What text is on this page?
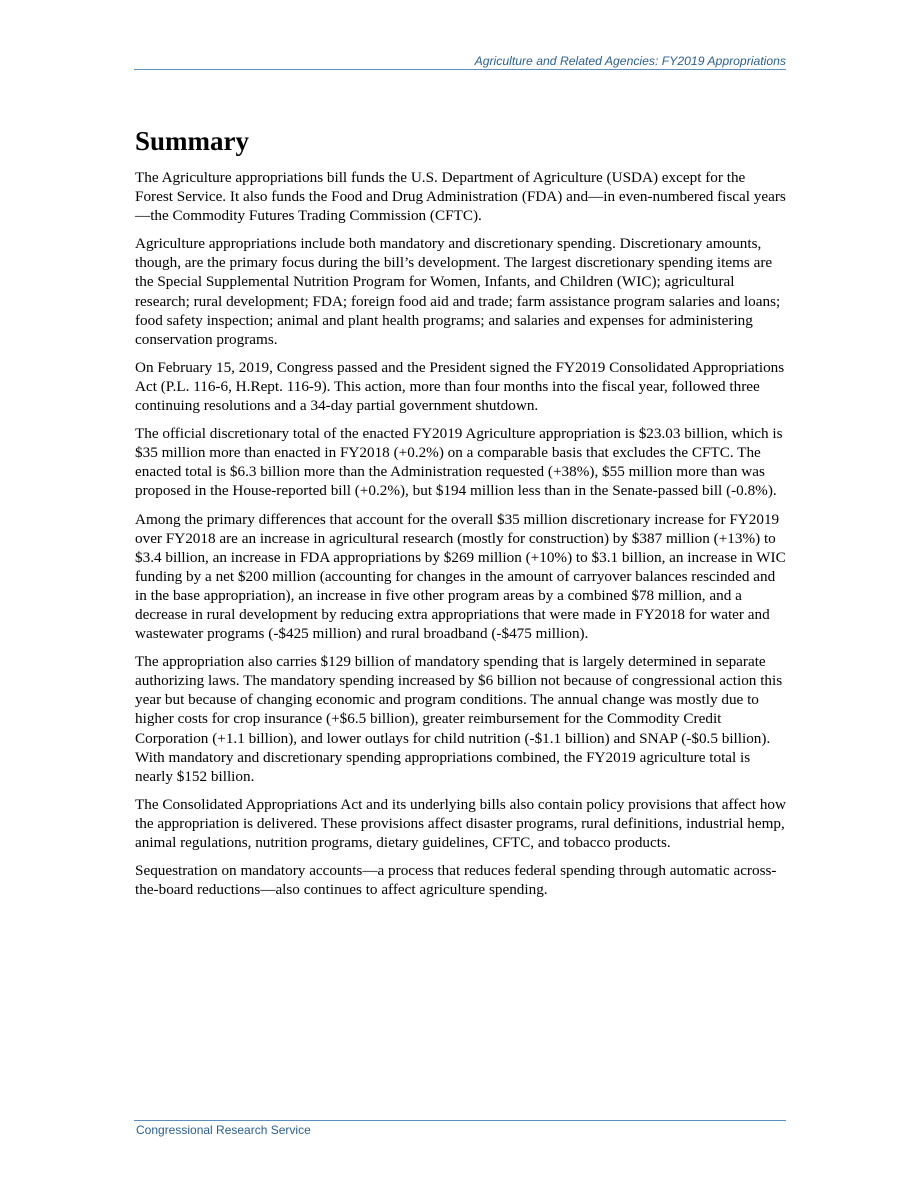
Agriculture and Related Agencies: FY2019 Appropriations
Summary

The Agriculture appropriations bill funds the U.S. Department of Agriculture (USDA) except for the Forest Service. It also funds the Food and Drug Administration (FDA) and—in even-numbered fiscal years—the Commodity Futures Trading Commission (CFTC).

Agriculture appropriations include both mandatory and discretionary spending. Discretionary amounts, though, are the primary focus during the bill’s development. The largest discretionary spending items are the Special Supplemental Nutrition Program for Women, Infants, and Children (WIC); agricultural research; rural development; FDA; foreign food aid and trade; farm assistance program salaries and loans; food safety inspection; animal and plant health programs; and salaries and expenses for administering conservation programs.

On February 15, 2019, Congress passed and the President signed the FY2019 Consolidated Appropriations Act (P.L. 116-6, H.Rept. 116-9). This action, more than four months into the fiscal year, followed three continuing resolutions and a 34-day partial government shutdown.

The official discretionary total of the enacted FY2019 Agriculture appropriation is $23.03 billion, which is $35 million more than enacted in FY2018 (+0.2%) on a comparable basis that excludes the CFTC. The enacted total is $6.3 billion more than the Administration requested (+38%), $55 million more than was proposed in the House-reported bill (+0.2%), but $194 million less than in the Senate-passed bill (-0.8%).

Among the primary differences that account for the overall $35 million discretionary increase for FY2019 over FY2018 are an increase in agricultural research (mostly for construction) by $387 million (+13%) to $3.4 billion, an increase in FDA appropriations by $269 million (+10%) to $3.1 billion, an increase in WIC funding by a net $200 million (accounting for changes in the amount of carryover balances rescinded and in the base appropriation), an increase in five other program areas by a combined $78 million, and a decrease in rural development by reducing extra appropriations that were made in FY2018 for water and wastewater programs (-$425 million) and rural broadband (-$475 million).

The appropriation also carries $129 billion of mandatory spending that is largely determined in separate authorizing laws. The mandatory spending increased by $6 billion not because of congressional action this year but because of changing economic and program conditions. The annual change was mostly due to higher costs for crop insurance (+$6.5 billion), greater reimbursement for the Commodity Credit Corporation (+1.1 billion), and lower outlays for child nutrition (-$1.1 billion) and SNAP (-$0.5 billion). With mandatory and discretionary spending appropriations combined, the FY2019 agriculture total is nearly $152 billion.

The Consolidated Appropriations Act and its underlying bills also contain policy provisions that affect how the appropriation is delivered. These provisions affect disaster programs, rural definitions, industrial hemp, animal regulations, nutrition programs, dietary guidelines, CFTC, and tobacco products.

Sequestration on mandatory accounts—a process that reduces federal spending through automatic across-the-board reductions—also continues to affect agriculture spending.

Congressional Research Service
